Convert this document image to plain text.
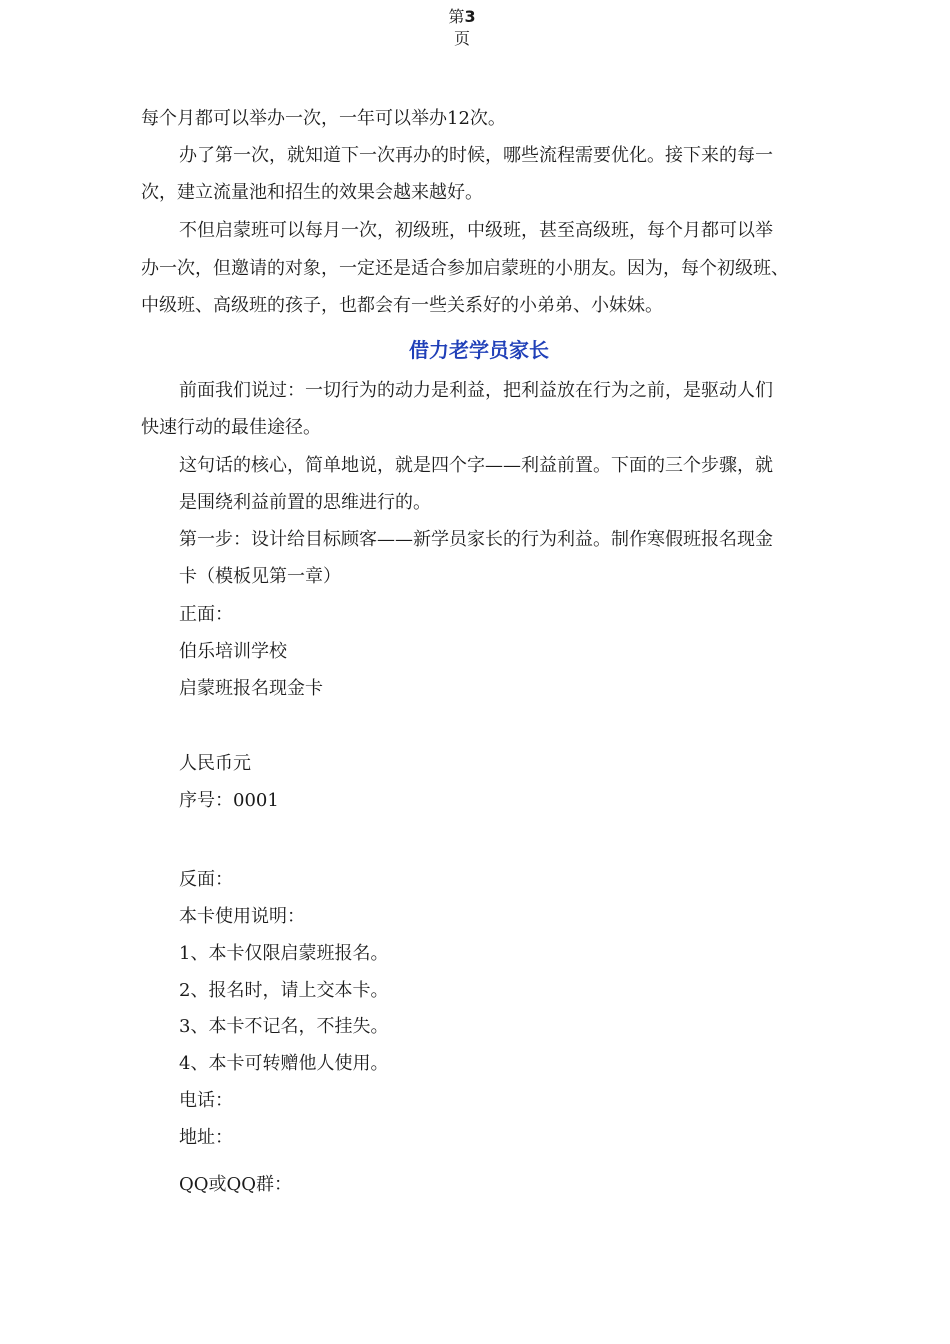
第3
页

每个月都可以举办一次，一年可以举办12次。

办了第一次，就知道下一次再办的时候，哪些流程需要优化。接下来的每一

次，建立流量池和招生的效果会越来越好。

不但启蒙班可以每月一次，初级班，中级班，甚至高级班，每个月都可以举

办一次，但邀请的对象，一定还是适合参加启蒙班的小朋友。因为，每个初级班、

中级班、高级班的孩子，也都会有一些关系好的小弟弟、小妹妹。

借力老学员家长

前面我们说过：一切行为的动力是利益，把利益放在行为之前，是驱动人们

快速行动的最佳途径。

这句话的核心，简单地说，就是四个字——利益前置。下面的三个步骤，就

是围绕利益前置的思维进行的。

第一步：设计给目标顾客——新学员家长的行为利益。制作寒假班报名现金

卡（模板见第一章）

正面：

伯乐培训学校

启蒙班报名现金卡

人民币元

序号：0001

反面：

本卡使用说明：

1、本卡仅限启蒙班报名。

2、报名时，请上交本卡。

3、本卡不记名，不挂失。

4、本卡可转赠他人使用。

电话：

地址：

QQ或QQ群：
